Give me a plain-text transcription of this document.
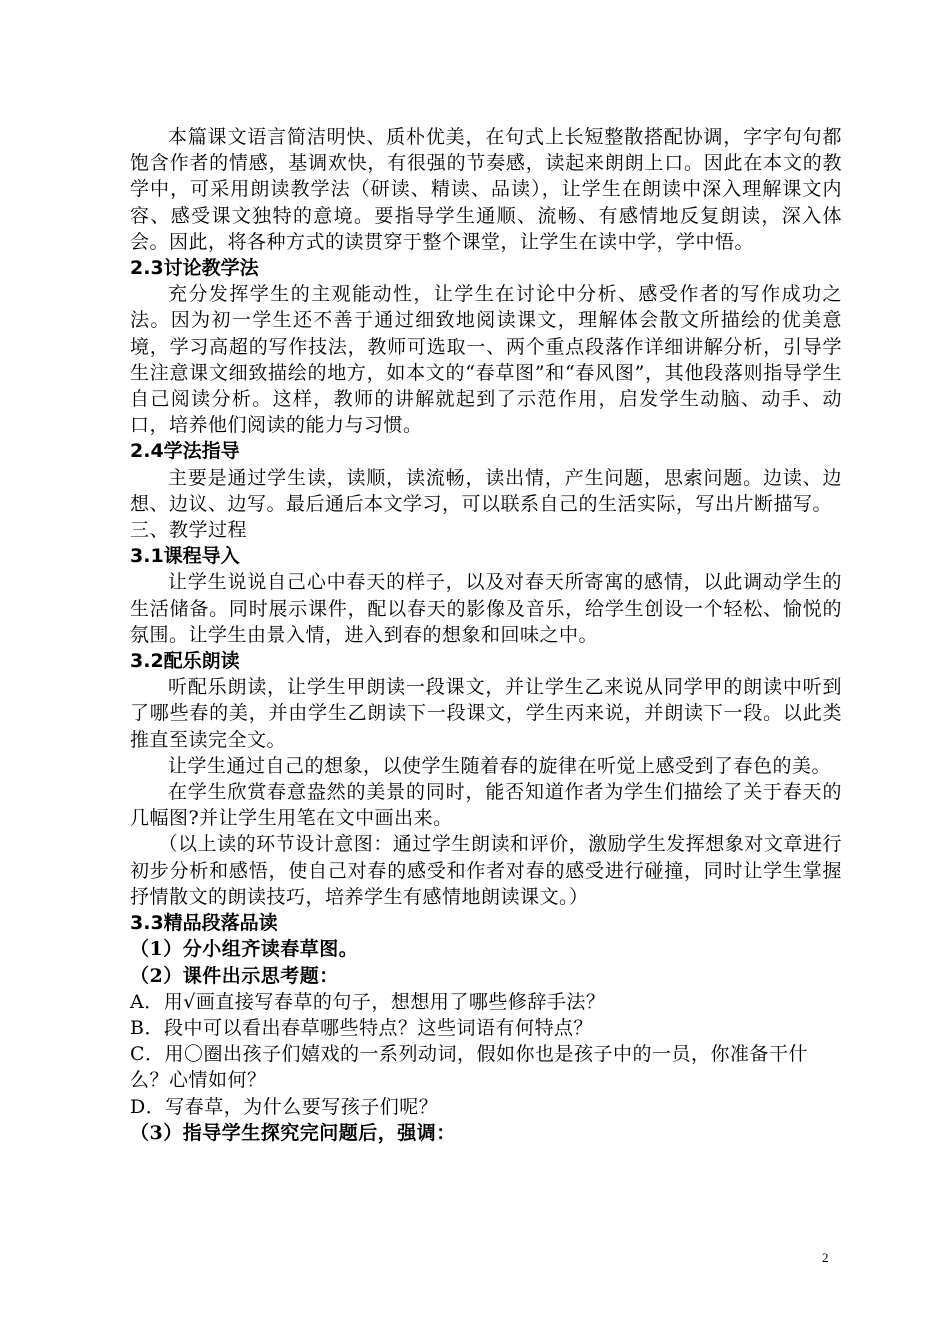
本篇课文语言简洁明快、质朴优美，在句式上长短整散搭配协调，字字句句都饱含作者的情感，基调欢快，有很强的节奏感，读起来朗朗上口。因此在本文的教学中，可采用朗读教学法（研读、精读、品读），让学生在朗读中深入理解课文内容、感受课文独特的意境。要指导学生通顺、流畅、有感情地反复朗读，深入体会。因此，将各种方式的读贯穿于整个课堂，让学生在读中学，学中悟。

2.3讨论教学法

充分发挥学生的主观能动性，让学生在讨论中分析、感受作者的写作成功之法。因为初一学生还不善于通过细致地阅读课文，理解体会散文所描绘的优美意境，学习高超的写作技法，教师可选取一、两个重点段落作详细讲解分析，引导学生注意课文细致描绘的地方，如本文的“春草图”和“春风图”，其他段落则指导学生自己阅读分析。这样，教师的讲解就起到了示范作用，启发学生动脑、动手、动口，培养他们阅读的能力与习惯。

2.4学法指导

主要是通过学生读，读顺，读流畅，读出情，产生问题，思索问题。边读、边想、边议、边写。最后通后本文学习，可以联系自己的生活实际，写出片断描写。

三、教学过程

3.1课程导入

让学生说说自己心中春天的样子，以及对春天所寄寓的感情，以此调动学生的生活储备。同时展示课件，配以春天的影像及音乐，给学生创设一个轻松、愉悦的氛围。让学生由景入情，进入到春的想象和回味之中。

3.2配乐朗读

听配乐朗读，让学生甲朗读一段课文，并让学生乙来说从同学甲的朗读中听到了哪些春的美，并由学生乙朗读下一段课文，学生丙来说，并朗读下一段。以此类推直至读完全文。

让学生通过自己的想象，以使学生随着春的旋律在听觉上感受到了春色的美。

在学生欣赏春意盎然的美景的同时，能否知道作者为学生们描绘了关于春天的几幅图?并让学生用笔在文中画出来。

（以上读的环节设计意图：通过学生朗读和评价，激励学生发挥想象对文章进行初步分析和感悟，使自己对春的感受和作者对春的感受进行碰撞，同时让学生掌握抒情散文的朗读技巧，培养学生有感情地朗读课文。）

3.3精品段落品读

（1）分小组齐读春草图。

（2）课件出示思考题：

A．用√画直接写春草的句子，想想用了哪些修辞手法？

B．段中可以看出春草哪些特点？这些词语有何特点？

C．用〇圈出孩子们嬉戏的一系列动词，假如你也是孩子中的一员，你准备干什么？心情如何？

D．写春草，为什么要写孩子们呢？

（3）指导学生探究完问题后，强调：

2
